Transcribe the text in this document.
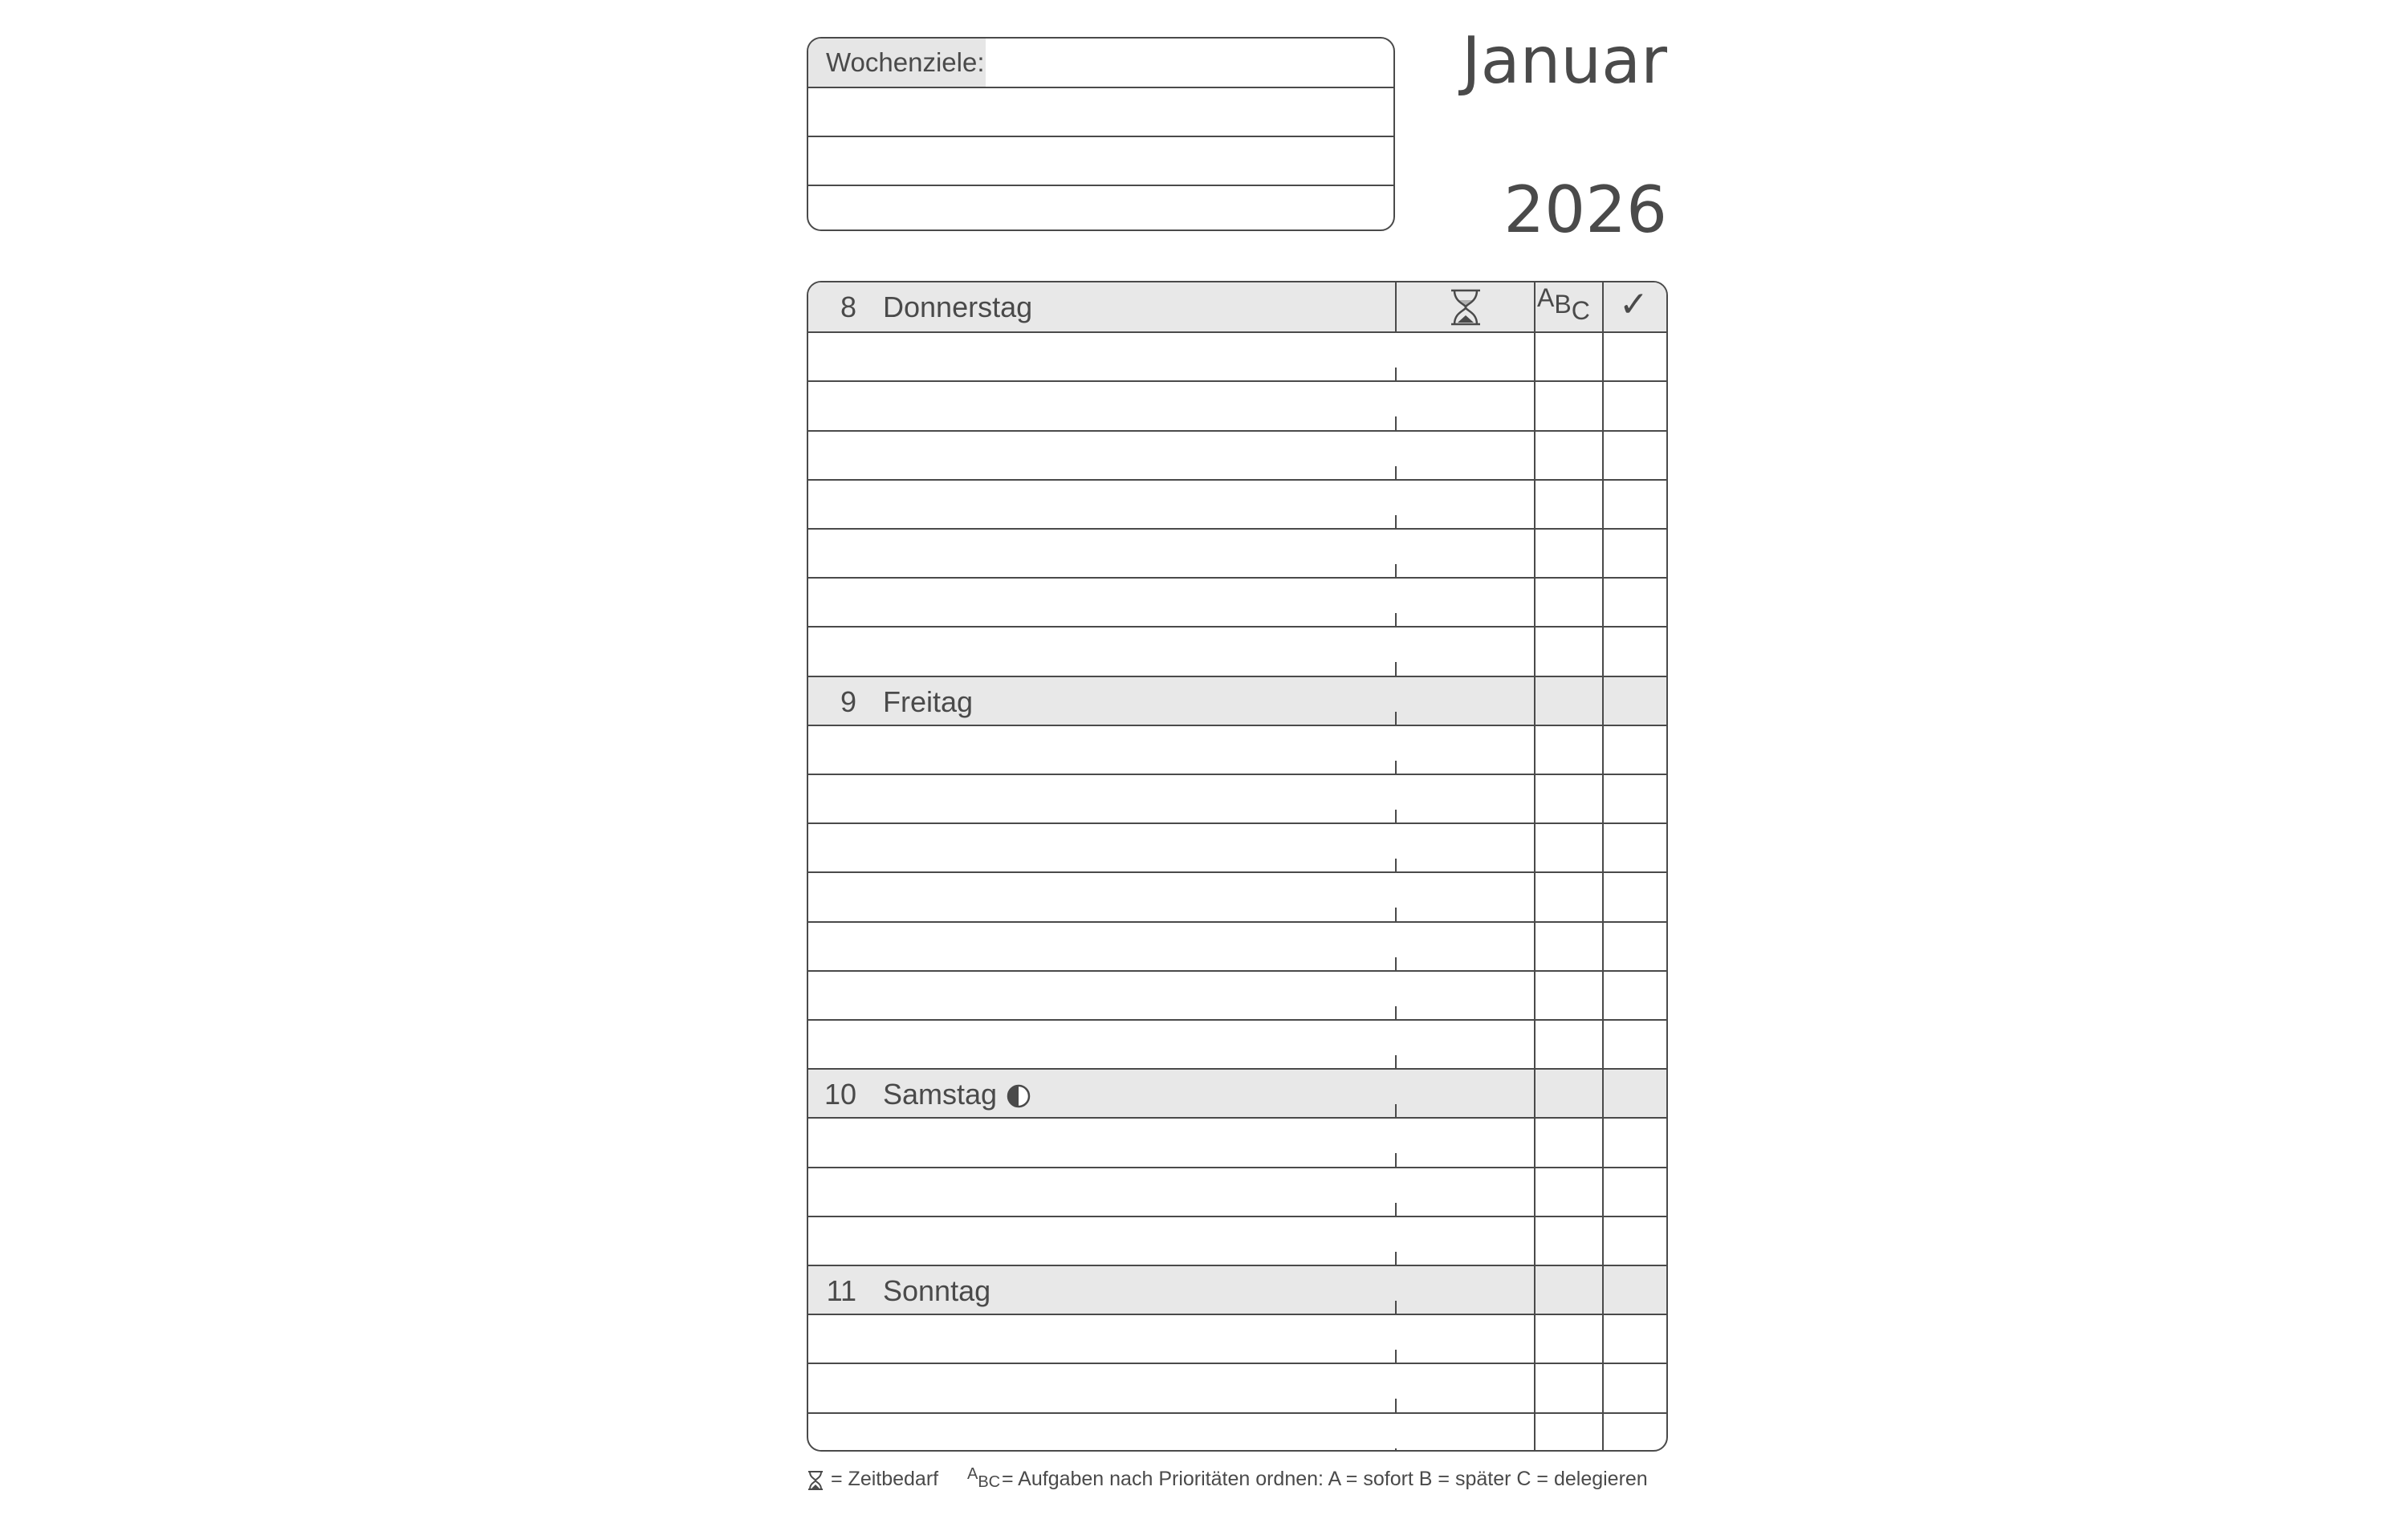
Wochenziele:	Januar
2026
8 Donnerstag	ABC ✓
9 Freitag
10 Samstag
11 Sonntag
= Zeitbedarf ABC = Aufgaben nach Prioritäten ordnen: A = sofort B = später C = delegieren
